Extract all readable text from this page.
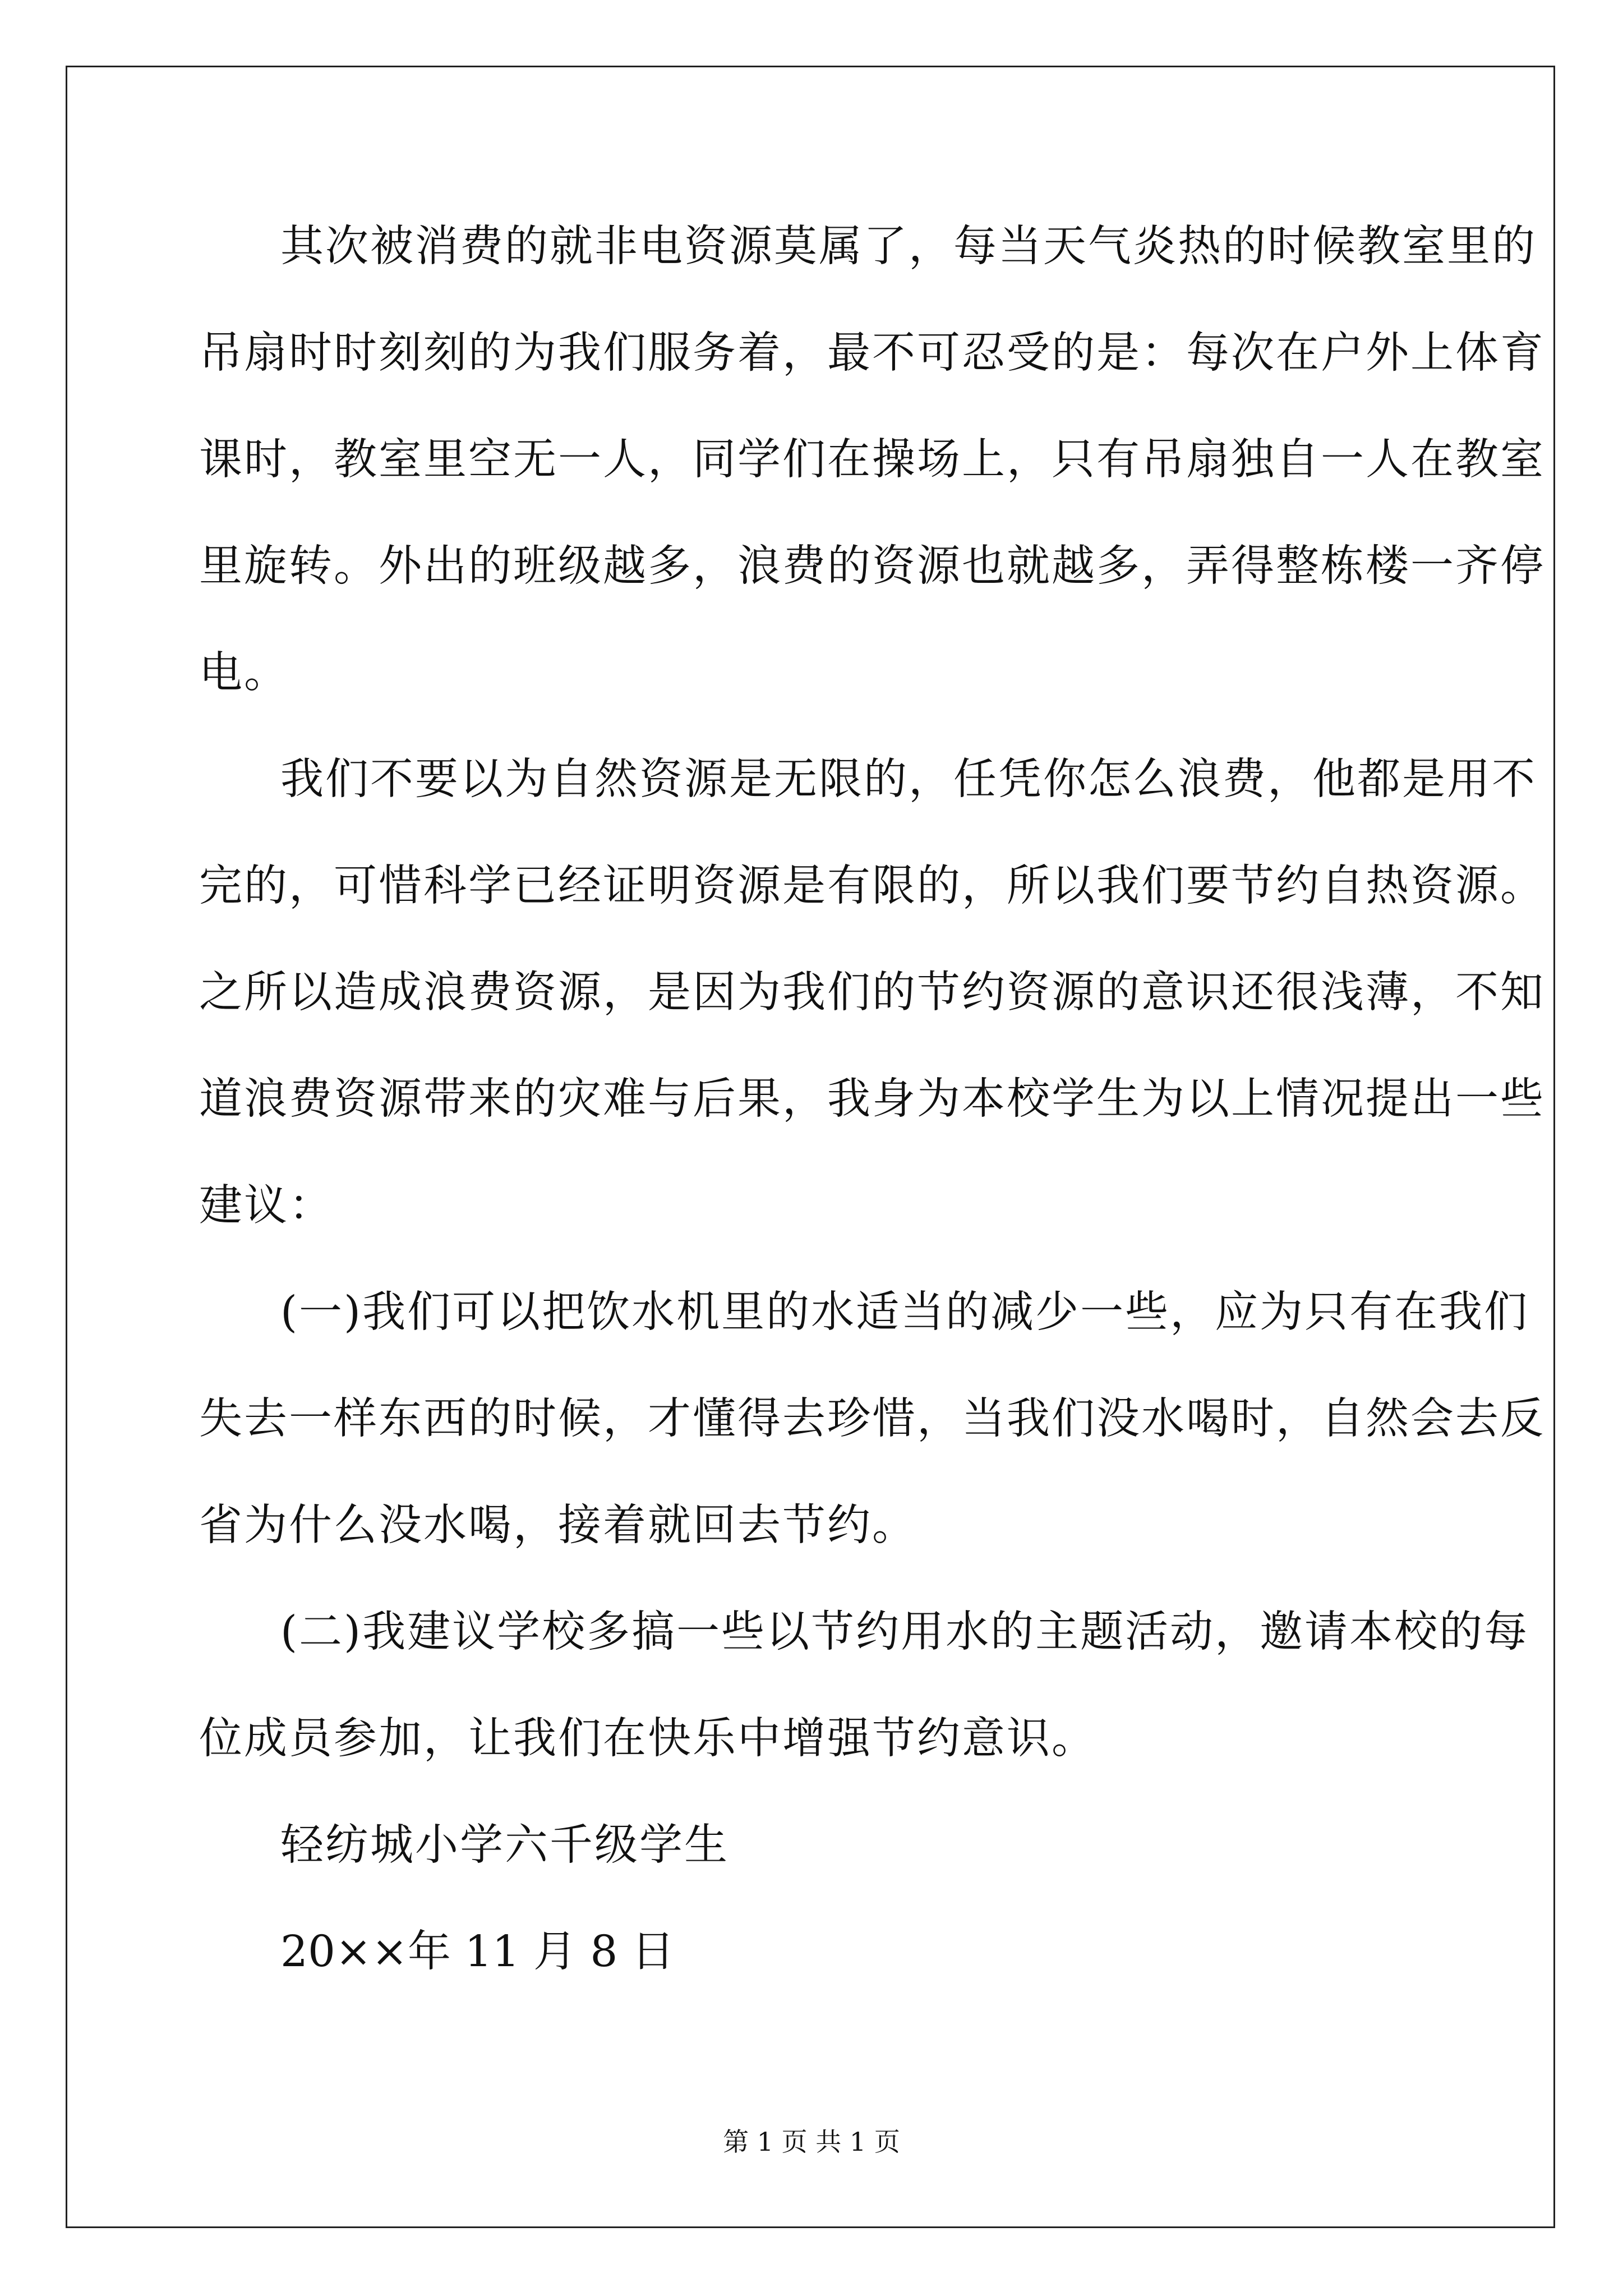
其次被消费的就非电资源莫属了，每当天气炎热的时候教室里的
吊扇时时刻刻的为我们服务着，最不可忍受的是：每次在户外上体育
课时，教室里空无一人，同学们在操场上，只有吊扇独自一人在教室
里旋转。外出的班级越多，浪费的资源也就越多，弄得整栋楼一齐停
电。
我们不要以为自然资源是无限的，任凭你怎么浪费，他都是用不
完的，可惜科学已经证明资源是有限的，所以我们要节约自热资源。
之所以造成浪费资源，是因为我们的节约资源的意识还很浅薄，不知
道浪费资源带来的灾难与后果，我身为本校学生为以上情况提出一些
建议：
(一)我们可以把饮水机里的水适当的减少一些，应为只有在我们
失去一样东西的时候，才懂得去珍惜，当我们没水喝时，自然会去反
省为什么没水喝，接着就回去节约。
(二)我建议学校多搞一些以节约用水的主题活动，邀请本校的每
位成员参加，让我们在快乐中增强节约意识。
轻纺城小学六千级学生
20××年 11 月 8 日
第 1 页 共 1 页
